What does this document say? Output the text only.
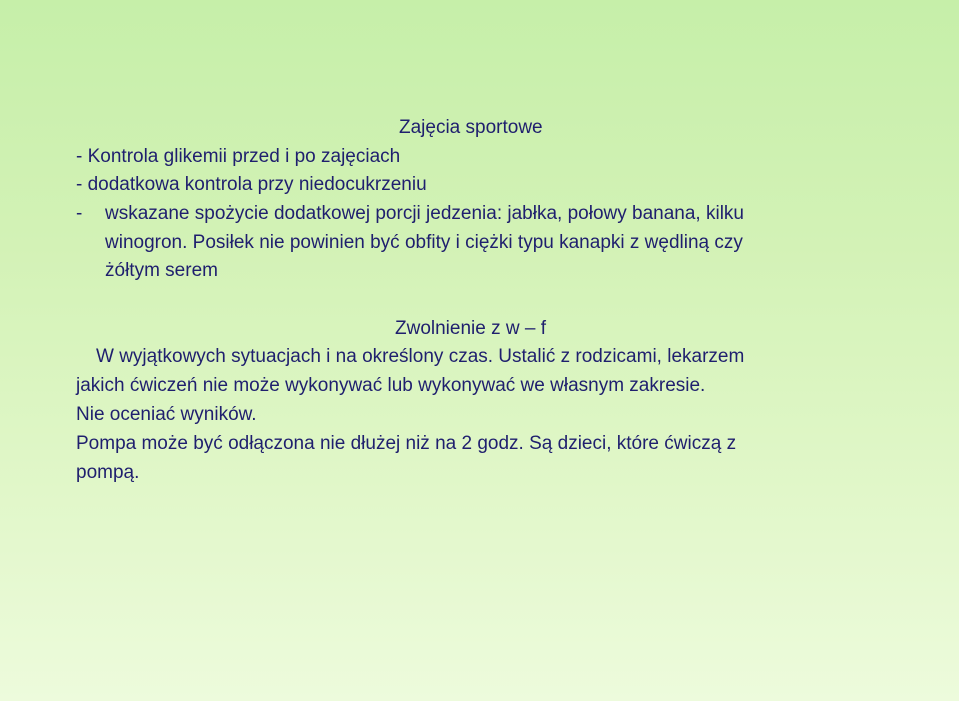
Zajęcia sportowe
- Kontrola glikemii przed i po zajęciach
- dodatkowa kontrola przy niedocukrzeniu
- wskazane spożycie dodatkowej porcji jedzenia: jabłka, połowy banana, kilku
winogron. Posiłek nie powinien być obfity i ciężki typu kanapki z wędliną czy
żółtym serem
Zwolnienie z w – f
W wyjątkowych sytuacjach i na określony czas. Ustalić z rodzicami, lekarzem
jakich ćwiczeń nie może wykonywać lub wykonywać we własnym zakresie.
Nie oceniać wyników.
Pompa może być odłączona nie dłużej niż na 2 godz. Są dzieci, które ćwiczą z
pompą.
